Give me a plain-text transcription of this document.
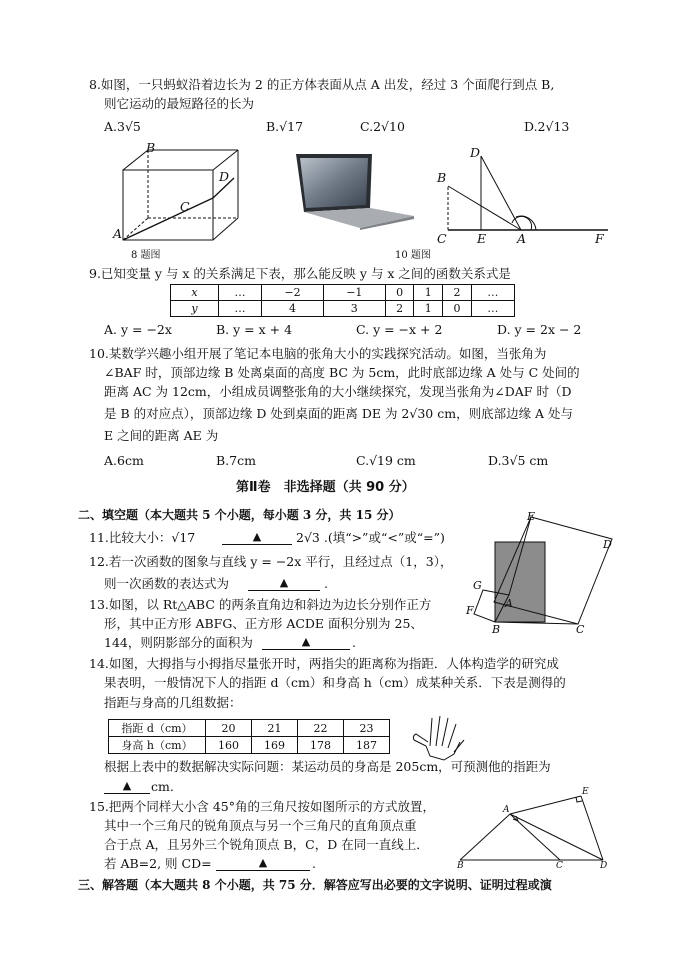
8.如图，一只蚂蚁沿着边长为 2 的正方体表面从点 A 出发，经过 3 个面爬行到点 B,
则它运动的最短路径的长为
A.3√5	B.√17	C.2√10	D.2√13
B
D
C
A
8 题图
D
B
C E A	F
10 题图
9.已知变量 y 与 x 的关系满足下表，那么能反映 y 与 x 之间的函数关系式是
x	…	−2	−1	0	1	2	…
y	…	4	3	2	1	0	…
A. y = −2x	B. y = x + 4	C. y = −x + 2	D. y = 2x − 2
10.某数学兴趣小组开展了笔记本电脑的张角大小的实践探究活动。如图，当张角为
∠BAF 时，顶部边缘 B 处离桌面的高度 BC 为 5cm，此时底部边缘 A 处与 C 处间的
距离 AC 为 12cm，小组成员调整张角的大小继续探究，发现当张角为∠DAF 时（D
是 B 的对应点），顶部边缘 D 处到桌面的距离 DE 为 2√30 cm，则底部边缘 A 处与
E 之间的距离 AE 为
A.6cm	B.7cm	C.√19 cm	D.3√5 cm
第Ⅱ卷　非选择题（共 90 分）
二、填空题（本大题共 5 个小题，每小题 3 分，共 15 分）
11.比较大小：√17	▲	2√3 .(填“>”或“<”或“=”)
12.若一次函数的图象与直线 y = −2x 平行，且经过点（1，3），
则一次函数的表达式为	▲	.
13.如图，以 Rt△ABC 的两条直角边和斜边为边长分别作正方
形，其中正方形 ABFG、正方形 ACDE 面积分别为 25、
144，则阴影部分的面积为	▲	.
E
D
G
F
A
B	C
14.如图，大拇指与小拇指尽量张开时，两指尖的距离称为指距．人体构造学的研究成
果表明，一般情况下人的指距 d（cm）和身高 h（cm）成某种关系．下表是测得的
指距与身高的几组数据：
指距 d（cm）	20	21	22	23
身高 h（cm）	160	169	178	187
根据上表中的数据解决实际问题：某运动员的身高是 205cm，可预测他的指距为
▲	cm.
15.把两个同样大小含 45°角的三角尺按如图所示的方式放置，
其中一个三角尺的锐角顶点与另一个三角尺的直角顶点重
合于点 A，且另外三个锐角顶点 B，C，D 在同一直线上．
若 AB=2, 则 CD=	▲	.
A
E
B	C	D
三、解答题（本大题共 8 个小题，共 75 分．解答应写出必要的文字说明、证明过程或演
